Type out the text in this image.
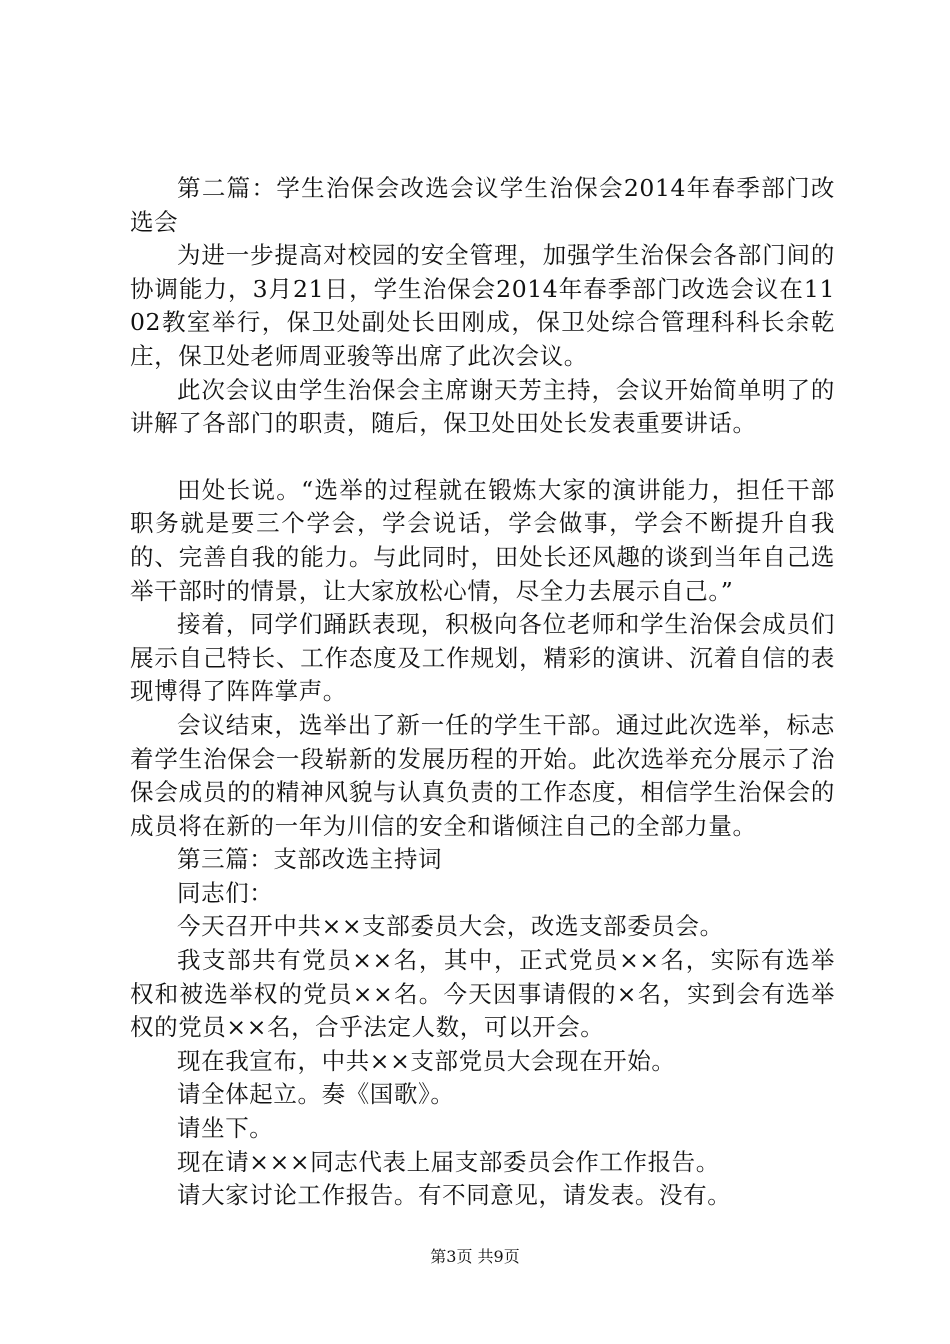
第二篇：学生治保会改选会议学生治保会2014年春季部门改选会

为进一步提高对校园的安全管理，加强学生治保会各部门间的协调能力，3月21日，学生治保会2014年春季部门改选会议在1102教室举行，保卫处副处长田刚成，保卫处综合管理科科长余乾庄，保卫处老师周亚骏等出席了此次会议。

此次会议由学生治保会主席谢天芳主持，会议开始简单明了的讲解了各部门的职责，随后，保卫处田处长发表重要讲话。

田处长说。“选举的过程就在锻炼大家的演讲能力，担任干部职务就是要三个学会，学会说话，学会做事，学会不断提升自我的、完善自我的能力。与此同时，田处长还风趣的谈到当年自己选举干部时的情景，让大家放松心情，尽全力去展示自己。”

接着，同学们踊跃表现，积极向各位老师和学生治保会成员们展示自己特长、工作态度及工作规划，精彩的演讲、沉着自信的表现博得了阵阵掌声。

会议结束，选举出了新一任的学生干部。通过此次选举，标志着学生治保会一段崭新的发展历程的开始。此次选举充分展示了治保会成员的的精神风貌与认真负责的工作态度，相信学生治保会的成员将在新的一年为川信的安全和谐倾注自己的全部力量。

第三篇：支部改选主持词

同志们：

今天召开中共××支部委员大会，改选支部委员会。

我支部共有党员××名，其中，正式党员××名，实际有选举权和被选举权的党员××名。今天因事请假的×名，实到会有选举权的党员××名，合乎法定人数，可以开会。

现在我宣布，中共××支部党员大会现在开始。

请全体起立。奏《国歌》。

请坐下。

现在请×××同志代表上届支部委员会作工作报告。

请大家讨论工作报告。有不同意见，请发表。没有。

第3页 共9页
